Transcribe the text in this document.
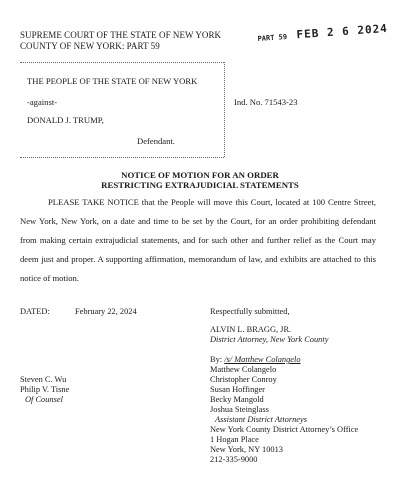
SUPREME COURT OF THE STATE OF NEW YORK
COUNTY OF NEW YORK: PART 59
PART 59 FEB 2 6 2024
THE PEOPLE OF THE STATE OF NEW YORK
-against-
DONALD J. TRUMP,
Defendant.
Ind. No. 71543-23
NOTICE OF MOTION FOR AN ORDER
RESTRICTING EXTRAJUDICIAL STATEMENTS
PLEASE TAKE NOTICE that the People will move this Court, located at 100 Centre Street, New York, New York, on a date and time to be set by the Court, for an order prohibiting defendant from making certain extrajudicial statements, and for such other and further relief as the Court may deem just and proper. A supporting affirmation, memorandum of law, and exhibits are attached to this notice of motion.
DATED:	February 22, 2024	Respectfully submitted,
ALVIN L. BRAGG, JR.
District Attorney, New York County
By: /s/ Matthew Colangelo
Matthew Colangelo
Christopher Conroy
Susan Hoffinger
Becky Mangold
Joshua Steinglass
Assistant District Attorneys
New York County District Attorney’s Office
1 Hogan Place
New York, NY 10013
212-335-9000
Steven C. Wu
Philip V. Tisne
Of Counsel
